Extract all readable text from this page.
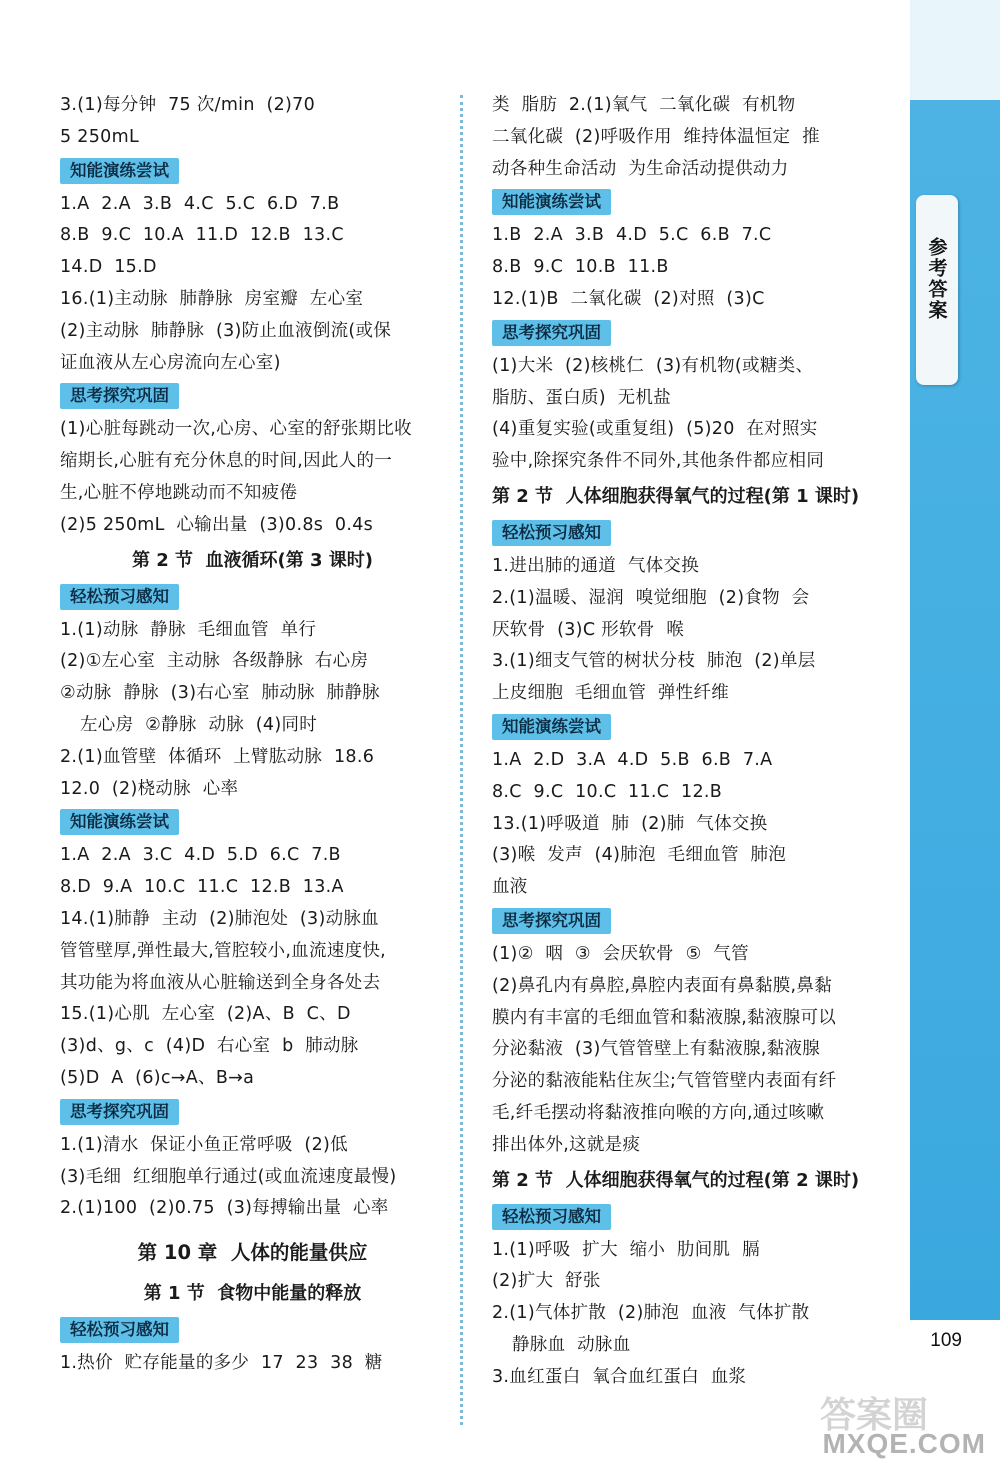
参考答案
3.(1)每分钟  75 次/min  (2)70
5 250mL
知能演练尝试
1.A  2.A  3.B  4.C  5.C  6.D  7.B
8.B  9.C  10.A  11.D  12.B  13.C
14.D  15.D
16.(1)主动脉  肺静脉  房室瓣  左心室
(2)主动脉  肺静脉  (3)防止血液倒流(或保
证血液从左心房流向左心室)
思考探究巩固
(1)心脏每跳动一次,心房、心室的舒张期比收
缩期长,心脏有充分休息的时间,因此人的一
生,心脏不停地跳动而不知疲倦
(2)5 250mL  心输出量  (3)0.8s  0.4s
第 2 节  血液循环(第 3 课时)
轻松预习感知
1.(1)动脉  静脉  毛细血管  单行
(2)①左心室  主动脉  各级静脉  右心房
②动脉  静脉  (3)右心室  肺动脉  肺静脉
左心房  ②静脉  动脉  (4)同时
2.(1)血管壁  体循环  上臂肱动脉  18.6
12.0  (2)桡动脉  心率
知能演练尝试
1.A  2.A  3.C  4.D  5.D  6.C  7.B
8.D  9.A  10.C  11.C  12.B  13.A
14.(1)肺静  主动  (2)肺泡处  (3)动脉血
管管壁厚,弹性最大,管腔较小,血流速度快,
其功能为将血液从心脏输送到全身各处去
15.(1)心肌  左心室  (2)A、B  C、D
(3)d、g、c  (4)D  右心室  b  肺动脉
(5)D  A  (6)c→A、B→a
思考探究巩固
1.(1)清水  保证小鱼正常呼吸  (2)低
(3)毛细  红细胞单行通过(或血流速度最慢)
2.(1)100  (2)0.75  (3)每搏输出量  心率
第 10 章  人体的能量供应
第 1 节  食物中能量的释放
轻松预习感知
1.热价  贮存能量的多少  17  23  38  糖
类  脂肪  2.(1)氧气  二氧化碳  有机物
二氧化碳  (2)呼吸作用  维持体温恒定  推
动各种生命活动  为生命活动提供动力
知能演练尝试
1.B  2.A  3.B  4.D  5.C  6.B  7.C
8.B  9.C  10.B  11.B
12.(1)B  二氧化碳  (2)对照  (3)C
思考探究巩固
(1)大米  (2)核桃仁  (3)有机物(或糖类、
脂肪、蛋白质)  无机盐
(4)重复实验(或重复组)  (5)20  在对照实
验中,除探究条件不同外,其他条件都应相同
第 2 节  人体细胞获得氧气的过程(第 1 课时)
轻松预习感知
1.进出肺的通道  气体交换
2.(1)温暖、湿润  嗅觉细胞  (2)食物  会
厌软骨  (3)C 形软骨  喉
3.(1)细支气管的树状分枝  肺泡  (2)单层
上皮细胞  毛细血管  弹性纤维
知能演练尝试
1.A  2.D  3.A  4.D  5.B  6.B  7.A
8.C  9.C  10.C  11.C  12.B
13.(1)呼吸道  肺  (2)肺  气体交换
(3)喉  发声  (4)肺泡  毛细血管  肺泡
血液
思考探究巩固
(1)②  咽  ③  会厌软骨  ⑤  气管
(2)鼻孔内有鼻腔,鼻腔内表面有鼻黏膜,鼻黏
膜内有丰富的毛细血管和黏液腺,黏液腺可以
分泌黏液  (3)气管管壁上有黏液腺,黏液腺
分泌的黏液能粘住灰尘;气管管壁内表面有纤
毛,纤毛摆动将黏液推向喉的方向,通过咳嗽
排出体外,这就是痰
第 2 节  人体细胞获得氧气的过程(第 2 课时)
轻松预习感知
1.(1)呼吸  扩大  缩小  肋间肌  膈
(2)扩大  舒张
2.(1)气体扩散  (2)肺泡  血液  气体扩散
静脉血  动脉血
3.血红蛋白  氧合血红蛋白  血浆
109
答案圈
MXQE.COM
